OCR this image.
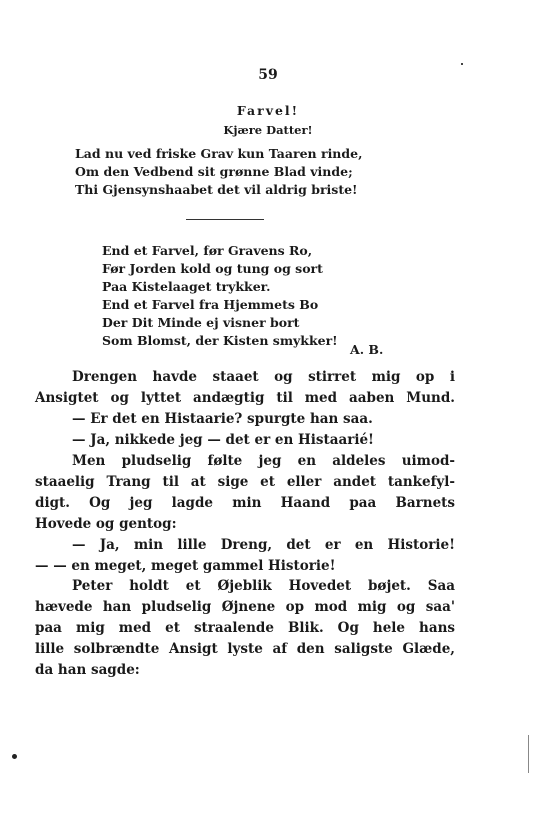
59
Farvel!
Kjære Datter!
Lad nu ved friske Grav kun Taaren rinde,
Om den Vedbend sit grønne Blad vinde;
Thi Gjensynshaabet det vil aldrig briste!
End et Farvel, før Gravens Ro,
Før Jorden kold og tung og sort
Paa Kistelaaget trykker.
End et Farvel fra Hjemmets Bo
Der Dit Minde ej visner bort
Som Blomst, der Kisten smykker!
A. B.
Drengen havde staaet og stirret mig op i
Ansigtet og lyttet andægtig til med aaben Mund.
— Er det en Histaarie? spurgte han saa.
— Ja, nikkede jeg — det er en Histaarié!
Men pludselig følte jeg en aldeles uimod-
staaelig Trang til at sige et eller andet tankefyl-
digt. Og jeg lagde min Haand paa Barnets
Hovede og gentog:
— Ja, min lille Dreng, det er en Historie!
— — en meget, meget gammel Historie!
Peter holdt et Øjeblik Hovedet bøjet. Saa
hævede han pludselig Øjnene op mod mig og saa'
paa mig med et straalende Blik. Og hele hans
lille solbrændte Ansigt lyste af den saligste Glæde,
da han sagde:
